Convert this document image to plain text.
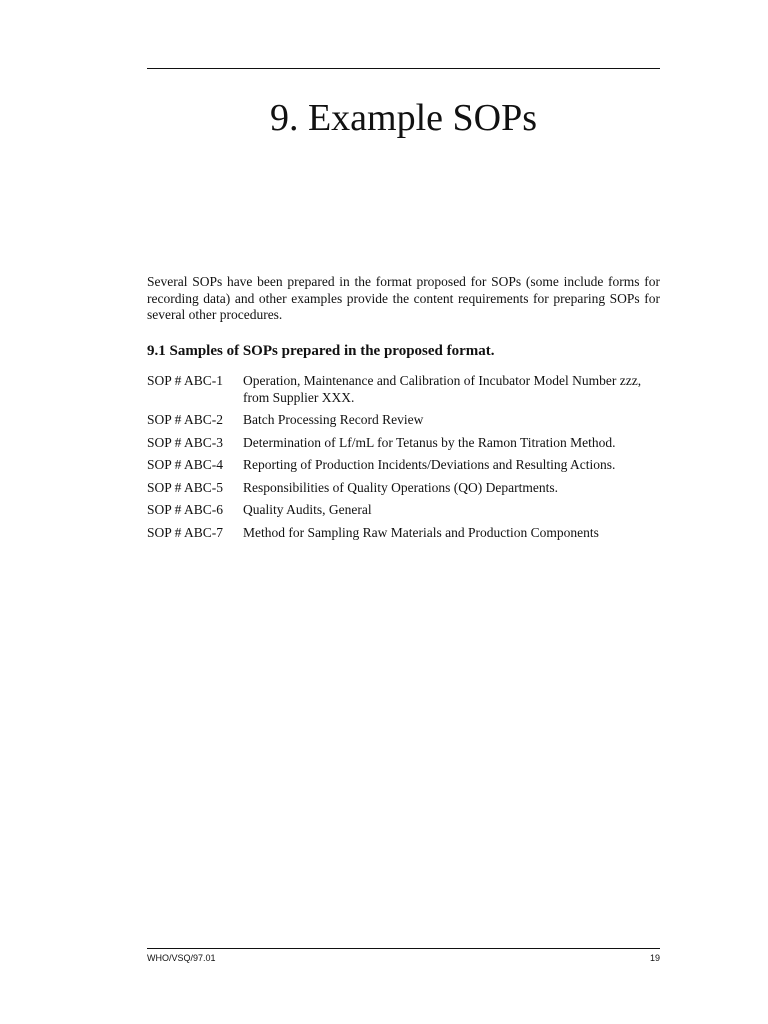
9. Example SOPs

Several SOPs have been prepared in the format proposed for SOPs (some include forms for recording data) and other examples provide the content requirements for preparing SOPs for several other procedures.

9.1 Samples of SOPs prepared in the proposed format.
SOP # ABC-1	Operation, Maintenance and Calibration of Incubator Model Number zzz, from Supplier XXX.
SOP # ABC-2	Batch Processing Record Review
SOP # ABC-3	Determination of Lf/mL for Tetanus by the Ramon Titration Method.
SOP # ABC-4	Reporting of Production Incidents/Deviations and Resulting Actions.
SOP # ABC-5	Responsibilities of Quality Operations (QO) Departments.
SOP # ABC-6	Quality Audits, General
SOP # ABC-7	Method for Sampling Raw Materials and Production Components
WHO/VSQ/97.01	19
